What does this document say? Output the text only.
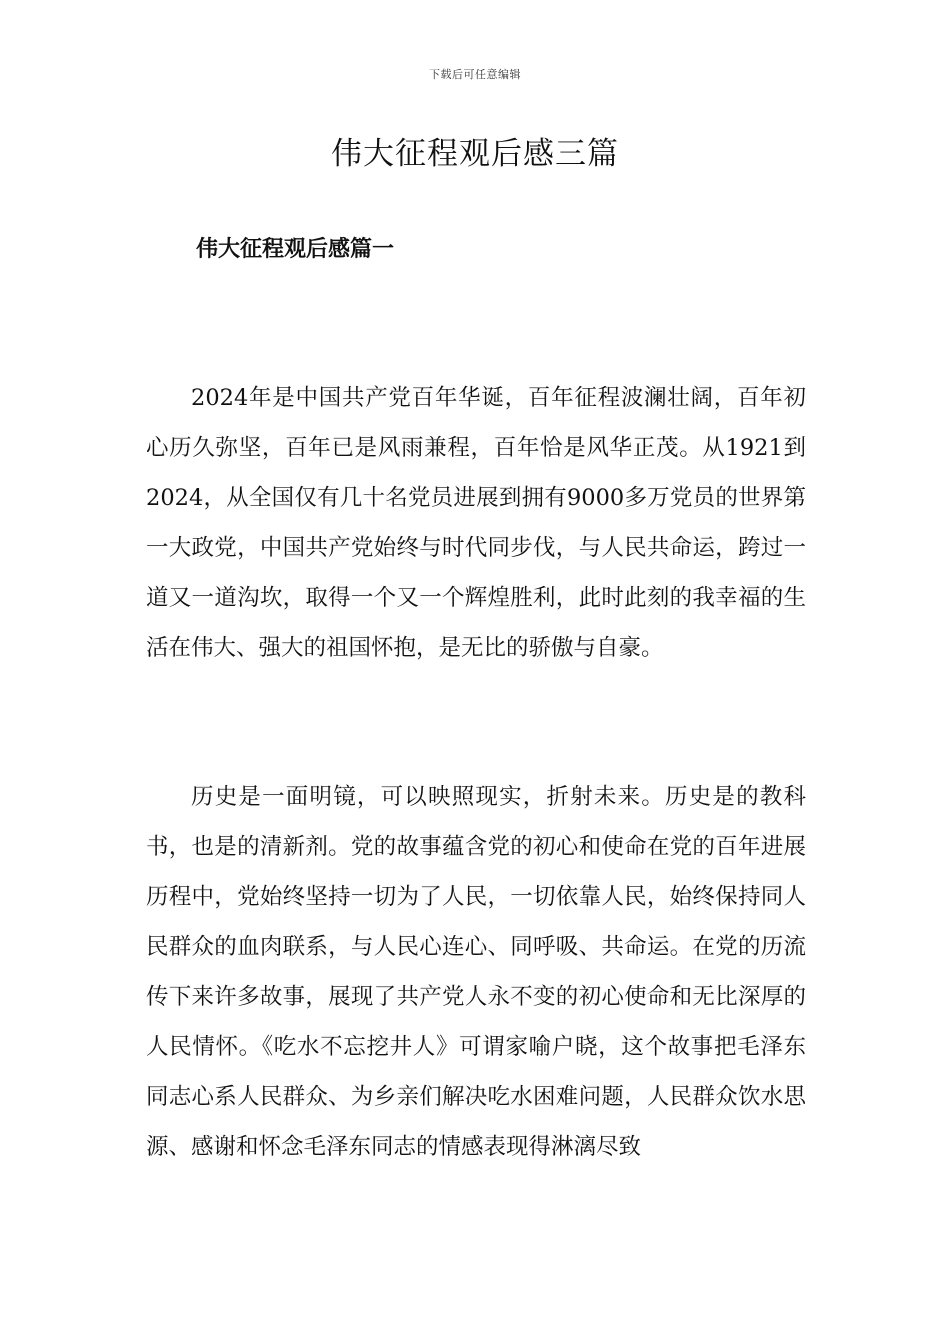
下载后可任意编辑
伟大征程观后感三篇
伟大征程观后感篇一

2024年是中国共产党百年华诞，百年征程波澜壮阔，百年初心历久弥坚，百年已是风雨兼程，百年恰是风华正茂。从1921到2024，从全国仅有几十名党员进展到拥有9000多万党员的世界第一大政党，中国共产党始终与时代同步伐，与人民共命运，跨过一道又一道沟坎，取得一个又一个辉煌胜利，此时此刻的我幸福的生活在伟大、强大的祖国怀抱，是无比的骄傲与自豪。

历史是一面明镜，可以映照现实，折射未来。历史是的教科书，也是的清新剂。党的故事蕴含党的初心和使命在党的百年进展历程中，党始终坚持一切为了人民，一切依靠人民，始终保持同人民群众的血肉联系，与人民心连心、同呼吸、共命运。在党的历流传下来许多故事，展现了共产党人永不变的初心使命和无比深厚的人民情怀。《吃水不忘挖井人》可谓家喻户晓，这个故事把毛泽东同志心系人民群众、为乡亲们解决吃水困难问题，人民群众饮水思源、感谢和怀念毛泽东同志的情感表现得淋漓尽致
